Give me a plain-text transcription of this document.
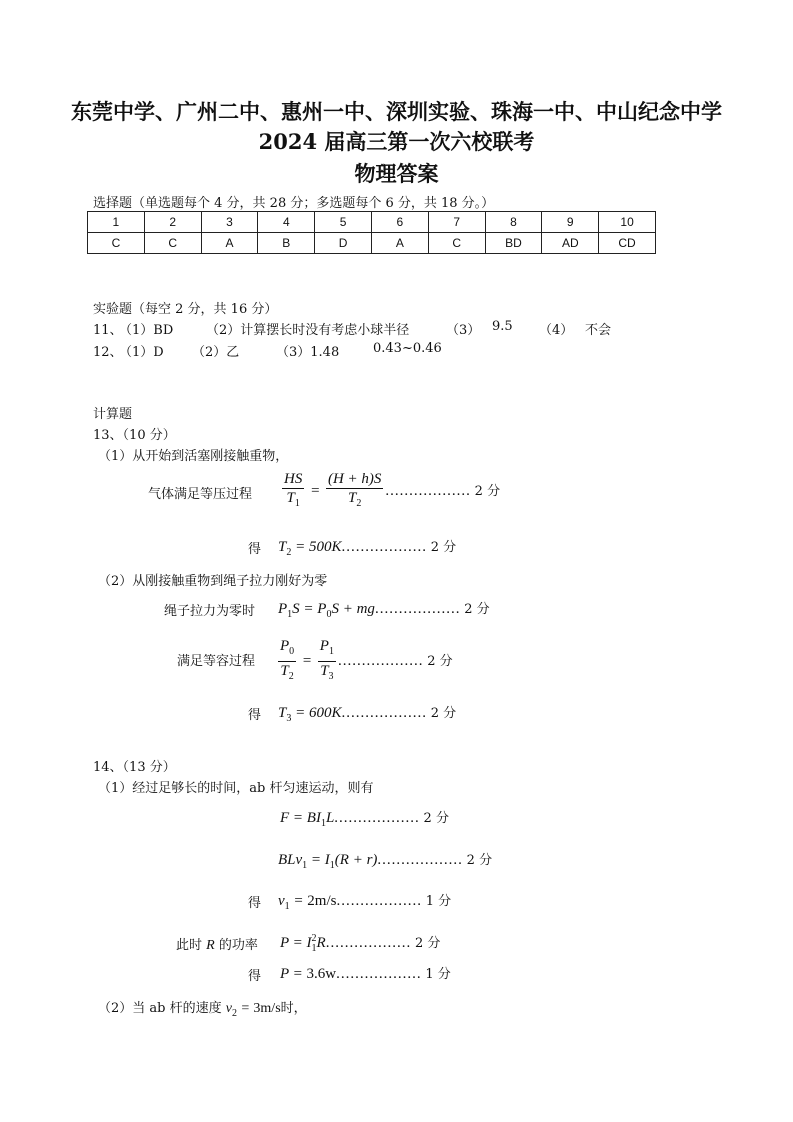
东莞中学、广州二中、惠州一中、深圳实验、珠海一中、中山纪念中学
2024 届高三第一次六校联考
物理答案
选择题（单选题每个 4 分，共 28 分；多选题每个 6 分，共 18 分。）
1	2	3	4	5	6	7	8	9	10
C	C	A	B	D	A	C	BD	AD	CD
实验题（每空 2 分，共 16 分）
11、
（1）BD	（2）计算摆长时没有考虑小球半径	（3） 9.5 （4） 不会
12、
（1）D （2）乙	（3）1.48	0.43~0.46
计算题
13、（10 分）
（1）从开始到活塞刚接触重物，
气体满足等压过程 $\frac{HS}{T_1} = \frac{(H + h)S}{T_2}$ .................. 2 分
得 $T_2 = 500K$.................. 2 分
（2）从刚接触重物到绳子拉力刚好为零
绳子拉力为零时 $P_1S = P_0S$ + mg.................. 2 分
满足等容过程 $\frac{P_0}{T_2} = \frac{P_1}{T_3}$ .................. 2 分
得 $T_3 = 600K$.................. 2 分
14、（13 分）
（1）经过足够长的时间，ab 杆匀速运动，则有
$F = BI_1L$.................. 2 分
$BLv_1 = I_1(R + r)$.................. 2 分
得 $v_1 = 2m/s$.................. 1 分
此时 R 的功率 $P = I_1^2R$.................. 2 分
得 P = 3.6w.................. 1 分
（2）当 ab 杆的速度 $v_2 = 3m/s$时，
